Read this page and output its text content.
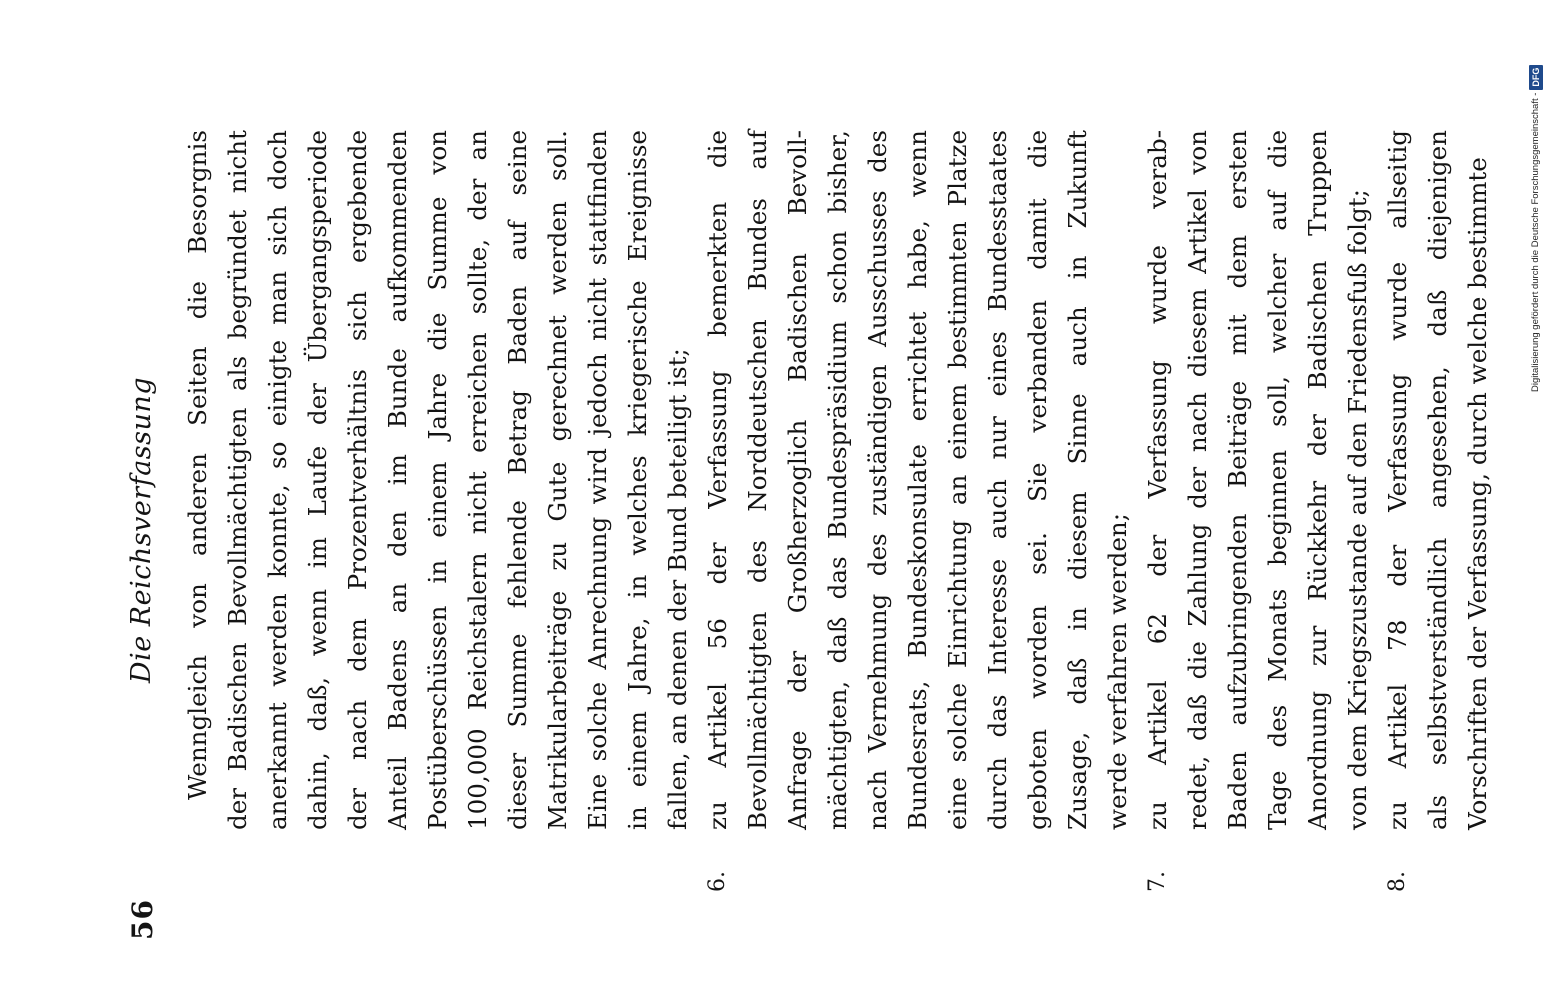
56
Die Reichsverfassung Wenngleich von anderen Seiten die Besorgnis der Badischen Bevollmächtigten als begründet nicht anerkannt werden konnte, so einigte man sich doch dahin, daß, wenn im Laufe der Übergangsperiode der nach dem Prozentverhältnis sich ergebende Anteil Badens an den im Bunde aufkommenden Postüberschüssen in einem Jahre die Summe von 100,000 Reichstalern nicht erreichen sollte, der an dieser Summe fehlende Betrag Baden auf seine Matrikularbeiträge zu Gute gerechnet werden soll. Eine solche Anrechnung wird jedoch nicht stattfinden in einem Jahre, in welches kriegerische Ereignisse fallen, an denen der Bund beteiligt ist;
6.
zu Artikel 56 der Verfassung bemerkten die Bevollmächtigten des Norddeutschen Bundes auf Anfrage der Großherzoglich Badischen Bevoll- mächtigten, daß das Bundespräsidium schon bisher, nach Vernehmung des zuständigen Ausschusses des Bundesrats, Bundeskonsulate errichtet habe, wenn eine solche Einrichtung an einem bestimmten Platze durch das Interesse auch nur eines Bundesstaates geboten worden sei. Sie verbanden damit die Zusage, daß in diesem Sinne auch in Zukunft werde verfahren werden;
7.
zu Artikel 62 der Verfassung wurde verab- redet, daß die Zahlung der nach diesem Artikel von Baden aufzubringenden Beiträge mit dem ersten Tage des Monats beginnen soll, welcher auf die Anordnung zur Rückkehr der Badischen Truppen von dem Kriegszustande auf den Friedensfuß folgt;
8.
zu Artikel 78 der Verfassung wurde allseitig als selbstverständlich angesehen, daß diejenigen Vorschriften der Verfassung, durch welche bestimmte	Digitalisierung gefördert durch die Deutsche Forschungsgemeinschaft -
DFG
